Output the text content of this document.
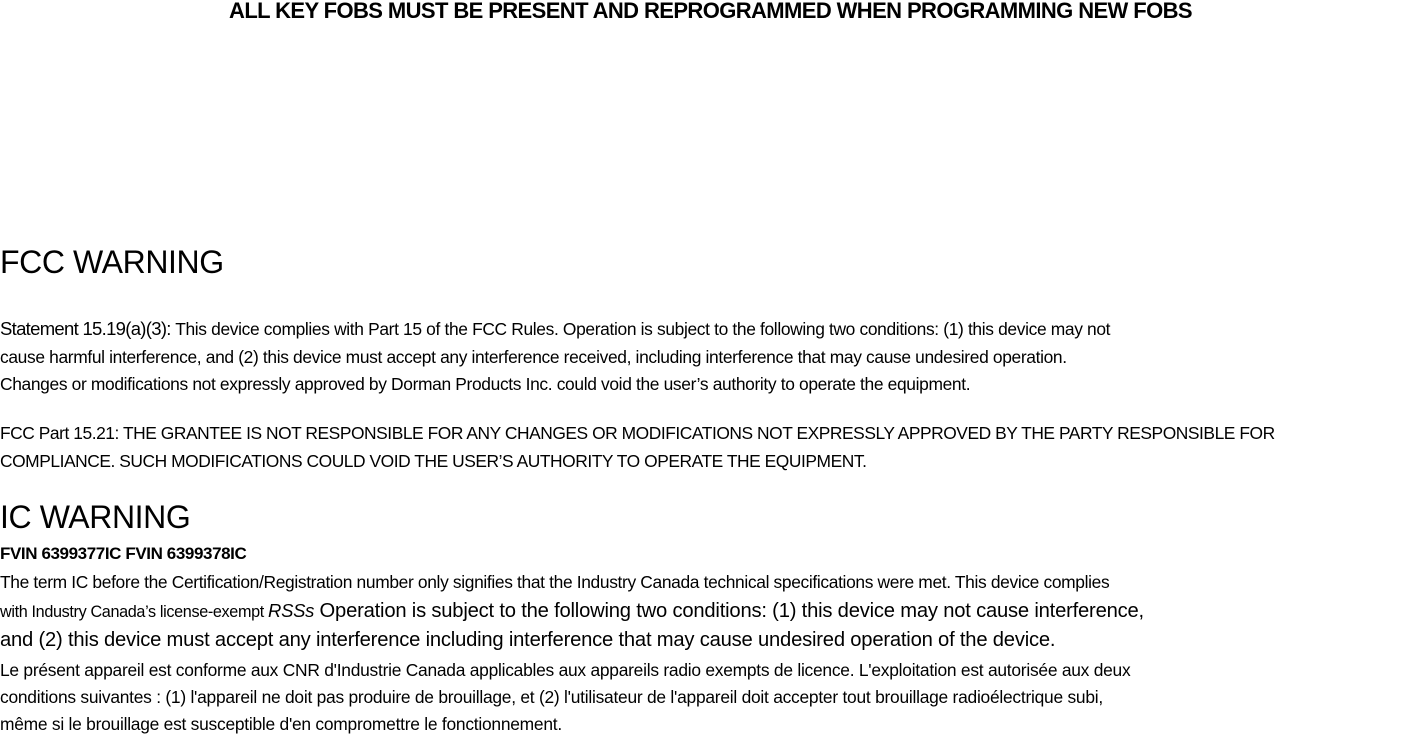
ALL KEY FOBS MUST BE PRESENT AND REPROGRAMMED WHEN PROGRAMMING NEW FOBS
FCC WARNING
Statement 15.19(a)(3): This device complies with Part 15 of the FCC Rules. Operation is subject to the following two conditions: (1) this device may not
cause harmful interference, and (2) this device must accept any interference received, including interference that may cause undesired operation.
Changes or modifications not expressly approved by Dorman Products Inc. could void the user’s authority to operate the equipment.
FCC Part 15.21: THE GRANTEE IS NOT RESPONSIBLE FOR ANY CHANGES OR MODIFICATIONS NOT EXPRESSLY APPROVED BY THE PARTY RESPONSIBLE FOR
COMPLIANCE. SUCH MODIFICATIONS COULD VOID THE USER’S AUTHORITY TO OPERATE THE EQUIPMENT.
IC WARNING
FVIN 6399377IC FVIN 6399378IC
The term IC before the Certification/Registration number only signifies that the Industry Canada technical specifications were met. This device complies
with Industry Canada’s license-exempt RSSs Operation is subject to the following two conditions: (1) this device may not cause interference,
and (2) this device must accept any interference including interference that may cause undesired operation of the device.
Le présent appareil est conforme aux CNR d'Industrie Canada applicables aux appareils radio exempts de licence. L'exploitation est autorisée aux deux
conditions suivantes : (1) l'appareil ne doit pas produire de brouillage, et (2) l'utilisateur de l'appareil doit accepter tout brouillage radioélectrique subi,
même si le brouillage est susceptible d'en compromettre le fonctionnement.
